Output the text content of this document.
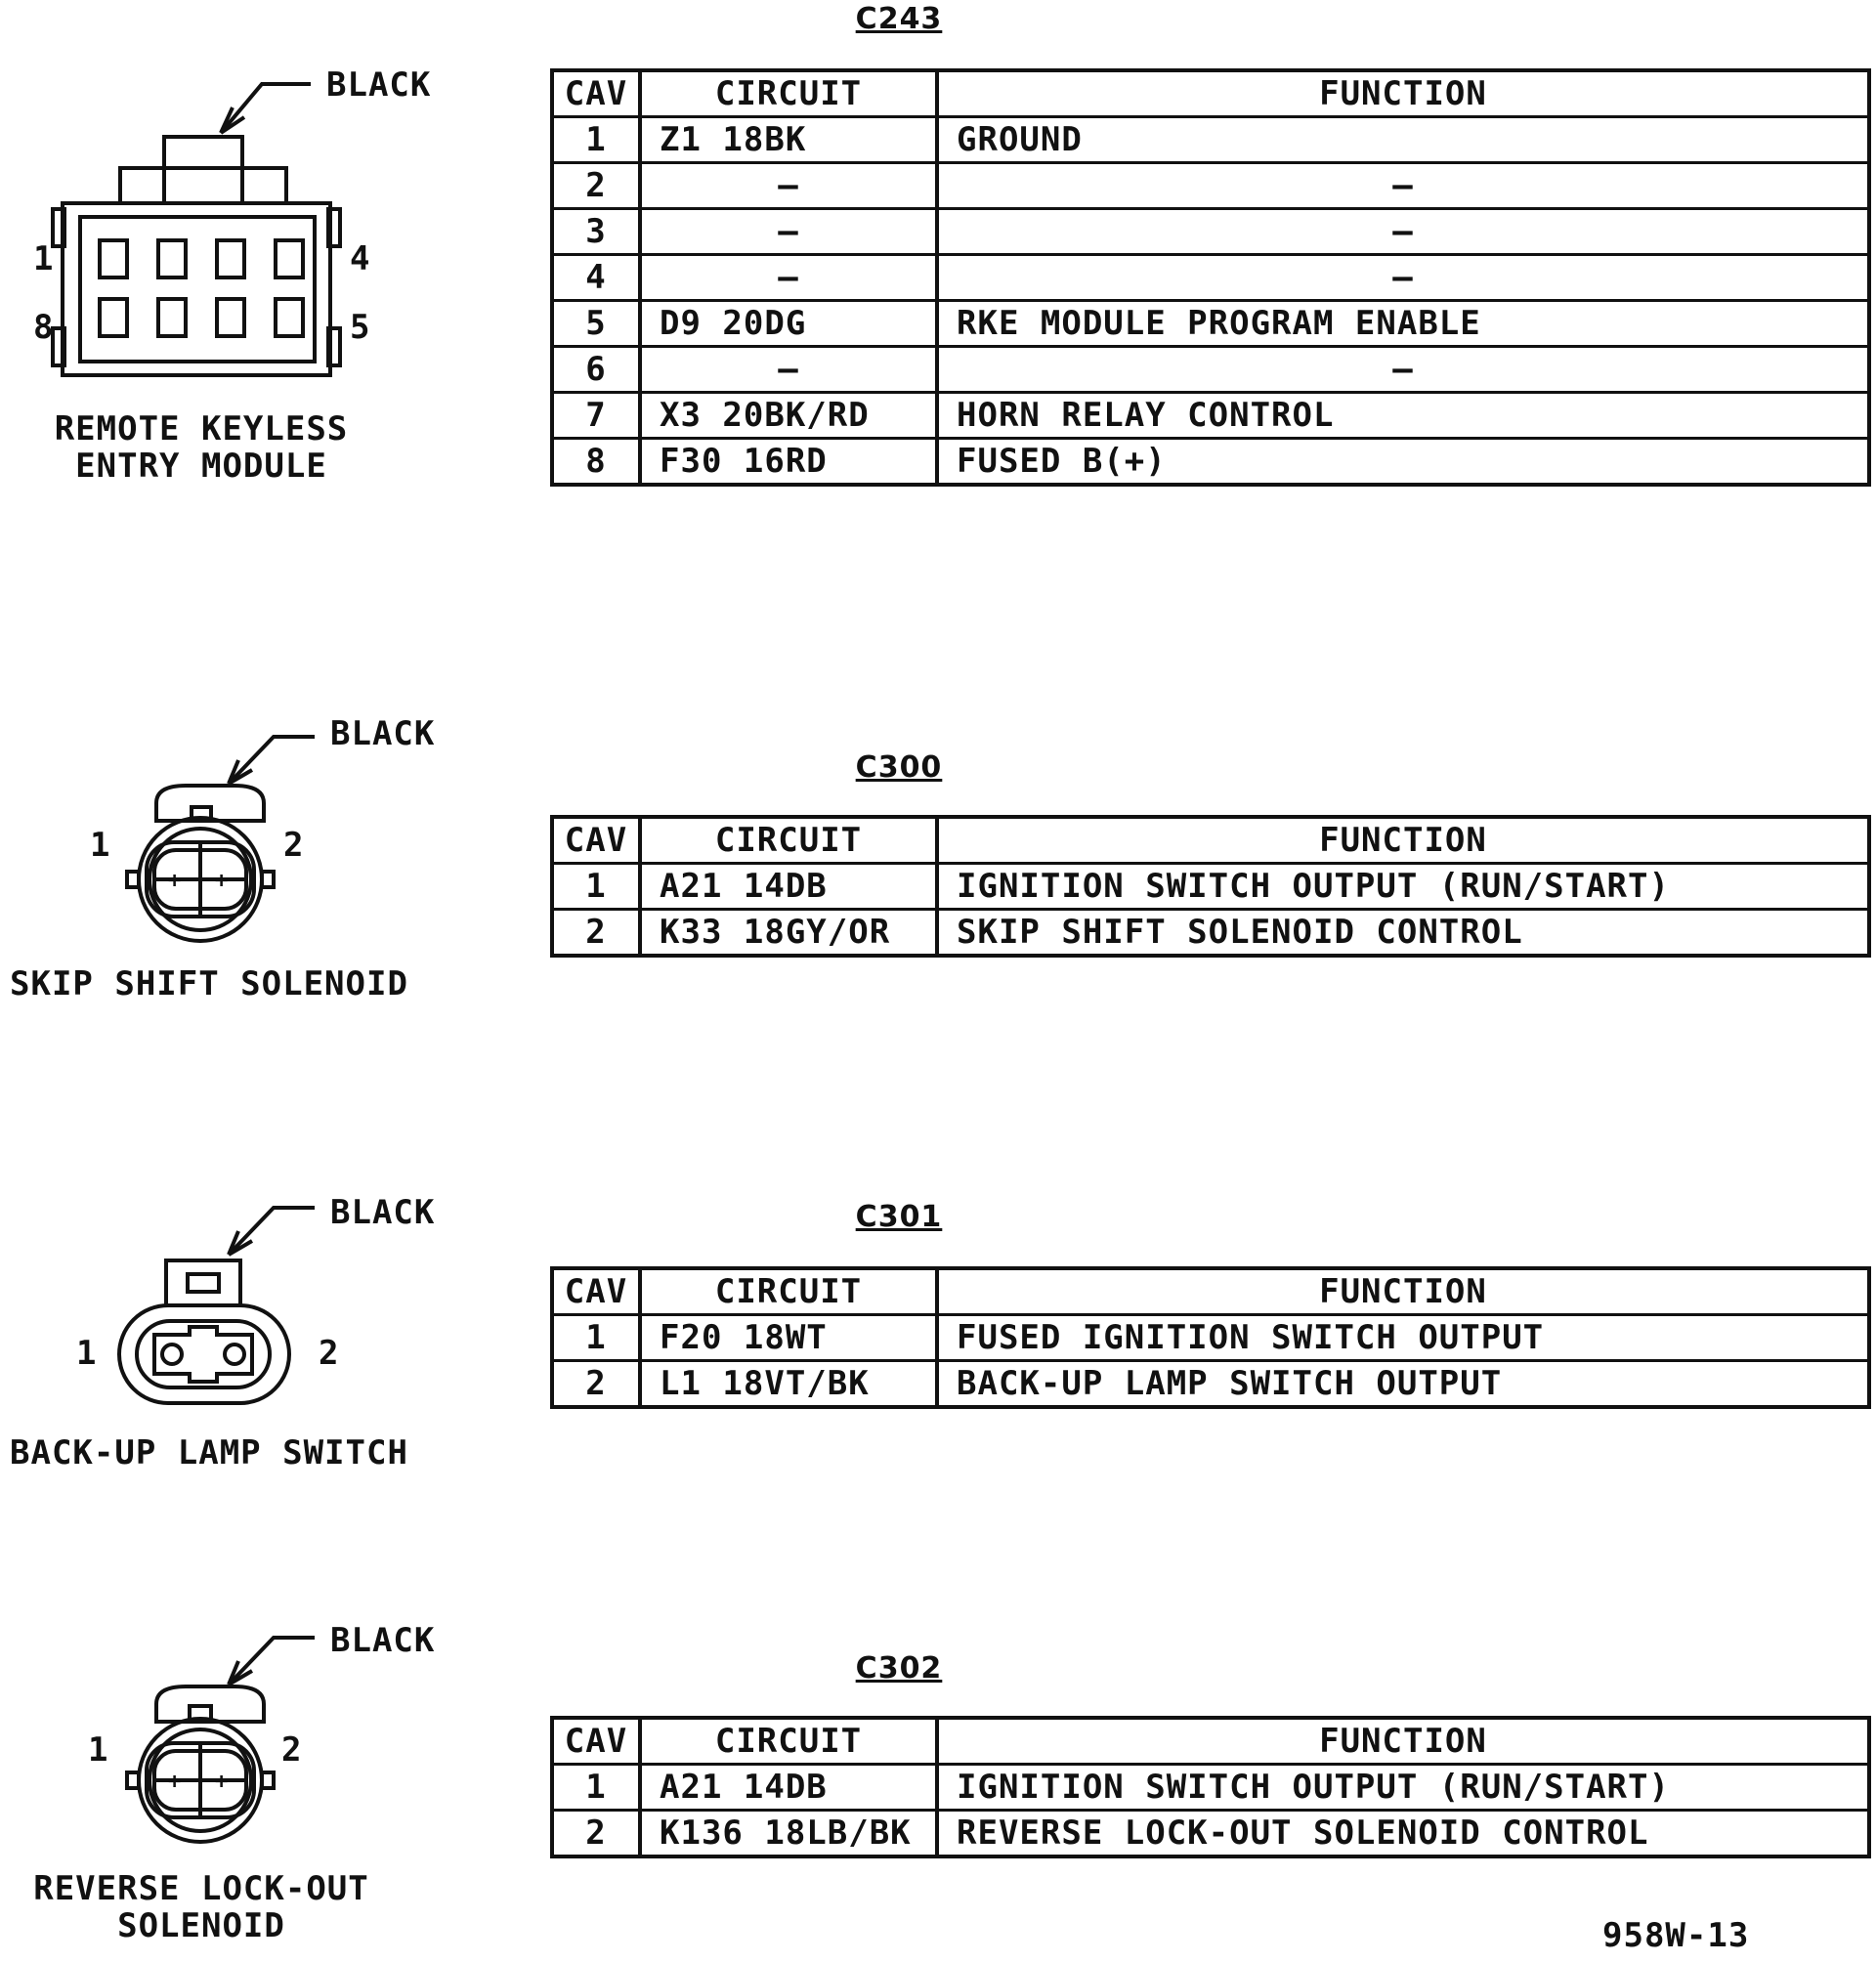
C243
BLACK
1	4
8	5
REMOTE KEYLESS
ENTRY MODULE
CAV	CIRCUIT	FUNCTION
1	Z1 18BK	GROUND
2	–	–
3	–	–
4	–	–
5	D9 20DG	RKE MODULE PROGRAM ENABLE
6	–	–
7	X3 20BK/RD	HORN RELAY CONTROL
8	F30 16RD	FUSED B(+)
C300
+ +
BLACK
1	2
SKIP SHIFT SOLENOID
CAV	CIRCUIT	FUNCTION
1	A21 14DB	IGNITION SWITCH OUTPUT (RUN/START)
2	K33 18GY/OR	SKIP SHIFT SOLENOID CONTROL
C301
BLACK
1	2
BACK-UP LAMP SWITCH
CAV	CIRCUIT	FUNCTION
1	F20 18WT	FUSED IGNITION SWITCH OUTPUT
2	L1 18VT/BK	BACK-UP LAMP SWITCH OUTPUT
C302
+ +
BLACK
1	2
REVERSE LOCK-OUT
SOLENOID
CAV	CIRCUIT	FUNCTION
1	A21 14DB	IGNITION SWITCH OUTPUT (RUN/START)
2	K136 18LB/BK	REVERSE LOCK-OUT SOLENOID CONTROL
958W-13
